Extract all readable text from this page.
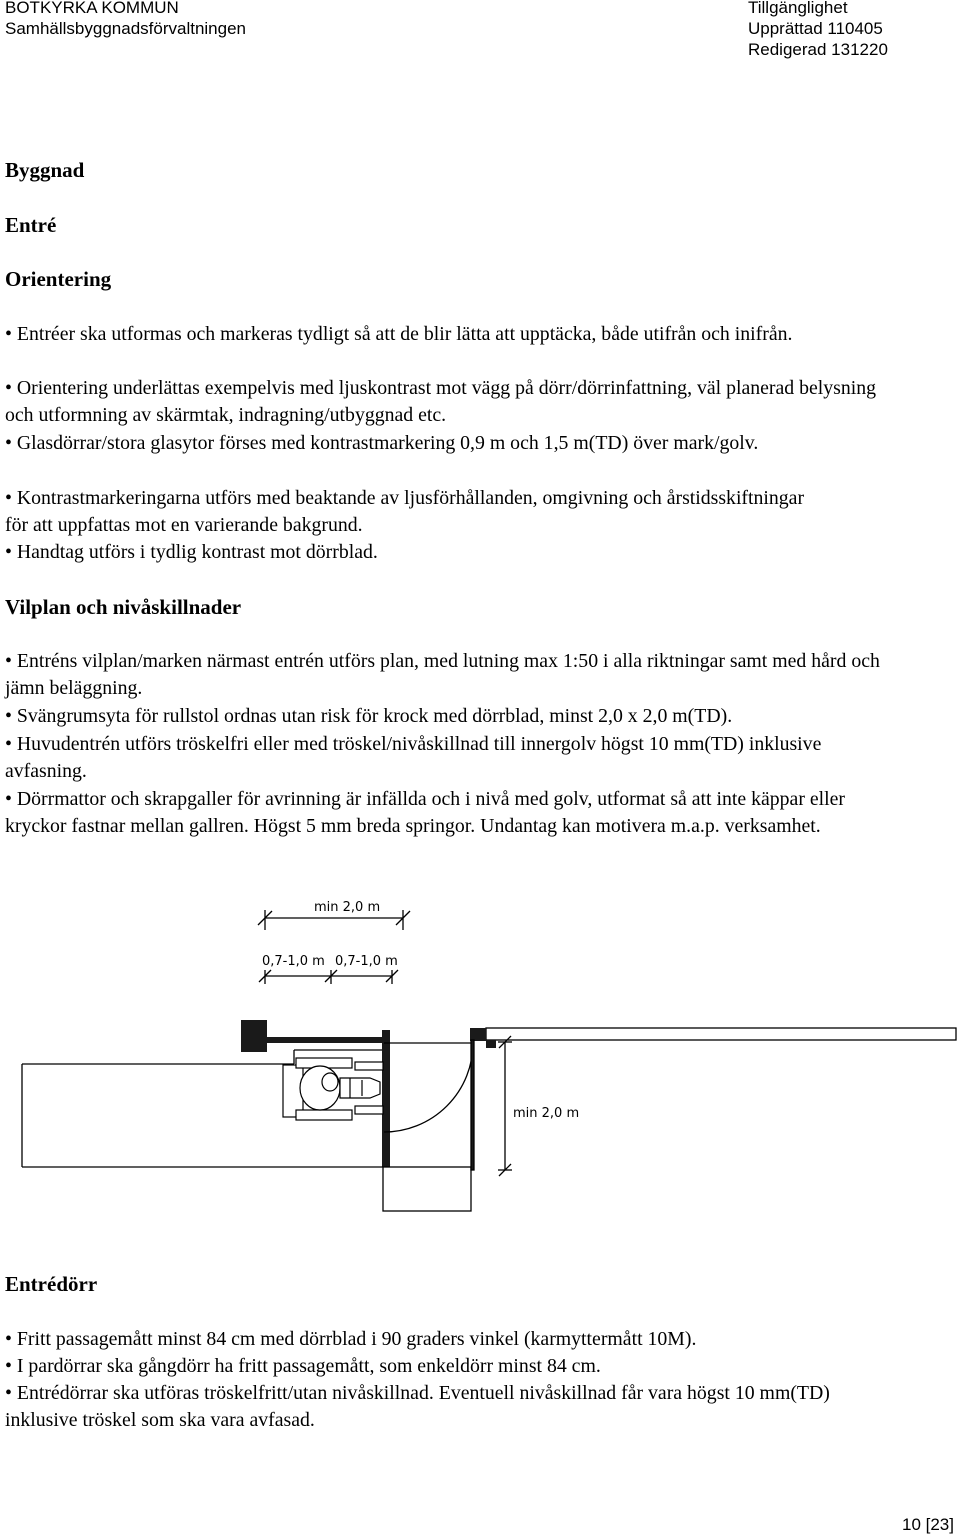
BOTKYRKA KOMMUN
Samhällsbyggnadsförvaltningen
Tillgänglighet
Upprättad 110405
Redigerad 131220
Byggnad
Entré
Orientering
• Entréer ska utformas och markeras tydligt så att de blir lätta att upptäcka, både utifrån och inifrån.
• Orientering underlättas exempelvis med ljuskontrast mot vägg på dörr/dörrinfattning, väl planerad belysning och utformning av skärmtak, indragning/utbyggnad etc.
• Glasdörrar/stora glasytor förses med kontrastmarkering 0,9 m och 1,5 m(TD) över mark/golv.
• Kontrastmarkeringarna utförs med beaktande av ljusförhållanden, omgivning och årstidsskiftningar för att uppfattas mot en varierande bakgrund.
• Handtag utförs i tydlig kontrast mot dörrblad.
Vilplan och nivåskillnader
• Entréns vilplan/marken närmast entrén utförs plan, med lutning max 1:50 i alla riktningar samt med hård och jämn beläggning.
• Svängrumsyta för rullstol ordnas utan risk för krock med dörrblad, minst 2,0 x 2,0 m(TD).
• Huvudentrén utförs tröskelfri eller med tröskel/nivåskillnad till innergolv högst 10 mm(TD) inklusive avfasning.
• Dörrmattor och skrapgaller för avrinning är infällda och i nivå med golv, utformat så att inte käppar eller kryckor fastnar mellan gallren. Högst 5 mm breda springor. Undantag kan motivera m.a.p. verksamhet.
min 2,0 m
0,7-1,0 m 0,7-1,0 m
min 2,0 m
Entrédörr
• Fritt passagemått minst 84 cm med dörrblad i 90 graders vinkel (karmyttermått 10M).
• I pardörrar ska gångdörr ha fritt passagemått, som enkeldörr minst 84 cm.
• Entrédörrar ska utföras tröskelfritt/utan nivåskillnad. Eventuell nivåskillnad får vara högst 10 mm(TD) inklusive tröskel som ska vara avfasad.
10 [23]
